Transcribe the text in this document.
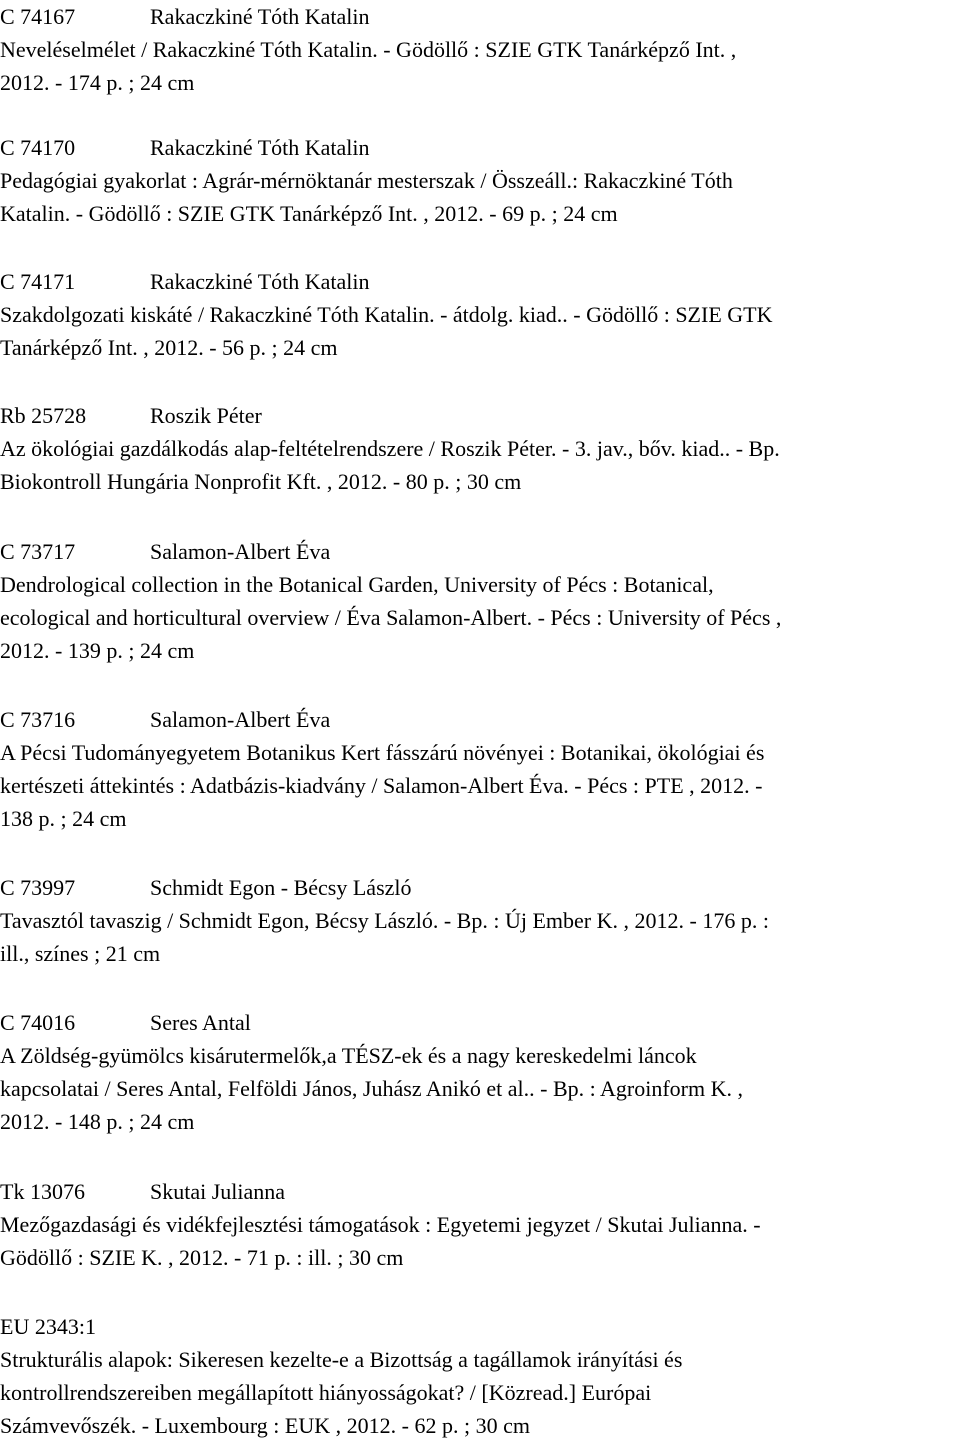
C 74167	Rakaczkiné Tóth Katalin
Neveléselmélet / Rakaczkiné Tóth Katalin. - Gödöllő : SZIE GTK Tanárképző Int. ,
2012. - 174 p. ; 24 cm
C 74170	Rakaczkiné Tóth Katalin
Pedagógiai gyakorlat : Agrár-mérnöktanár mesterszak / Összeáll.: Rakaczkiné Tóth
Katalin. - Gödöllő : SZIE GTK Tanárképző Int. , 2012. - 69 p. ; 24 cm
C 74171	Rakaczkiné Tóth Katalin
Szakdolgozati kiskáté / Rakaczkiné Tóth Katalin. - átdolg. kiad.. - Gödöllő : SZIE GTK
Tanárképző Int. , 2012. - 56 p. ; 24 cm
Rb 25728	Roszik Péter
Az ökológiai gazdálkodás alap-feltételrendszere / Roszik Péter. - 3. jav., bőv. kiad.. - Bp.
Biokontroll Hungária Nonprofit Kft. , 2012. - 80 p. ; 30 cm
C 73717	Salamon-Albert Éva
Dendrological collection in the Botanical Garden, University of Pécs : Botanical,
ecological and horticultural overview / Éva Salamon-Albert. - Pécs : University of Pécs ,
2012. - 139 p. ; 24 cm
C 73716	Salamon-Albert Éva
A Pécsi Tudományegyetem Botanikus Kert fásszárú növényei : Botanikai, ökológiai és
kertészeti áttekintés : Adatbázis-kiadvány / Salamon-Albert Éva. - Pécs : PTE , 2012. -
138 p. ; 24 cm
C 73997	Schmidt Egon - Bécsy László
Tavasztól tavaszig / Schmidt Egon, Bécsy László. - Bp. : Új Ember K. , 2012. - 176 p. :
ill., színes ; 21 cm
C 74016	Seres Antal
A Zöldség-gyümölcs kisárutermelők,a TÉSZ-ek és a nagy kereskedelmi láncok
kapcsolatai / Seres Antal, Felföldi János, Juhász Anikó et al.. - Bp. : Agroinform K. ,
2012. - 148 p. ; 24 cm
Tk 13076	Skutai Julianna
Mezőgazdasági és vidékfejlesztési támogatások : Egyetemi jegyzet / Skutai Julianna. -
Gödöllő : SZIE K. , 2012. - 71 p. : ill. ; 30 cm
EU 2343:1
Strukturális alapok: Sikeresen kezelte-e a Bizottság a tagállamok irányítási és
kontrollrendszereiben megállapított hiányosságokat? / [Közread.] Európai
Számvevőszék. - Luxembourg : EUK , 2012. - 62 p. ; 30 cm
